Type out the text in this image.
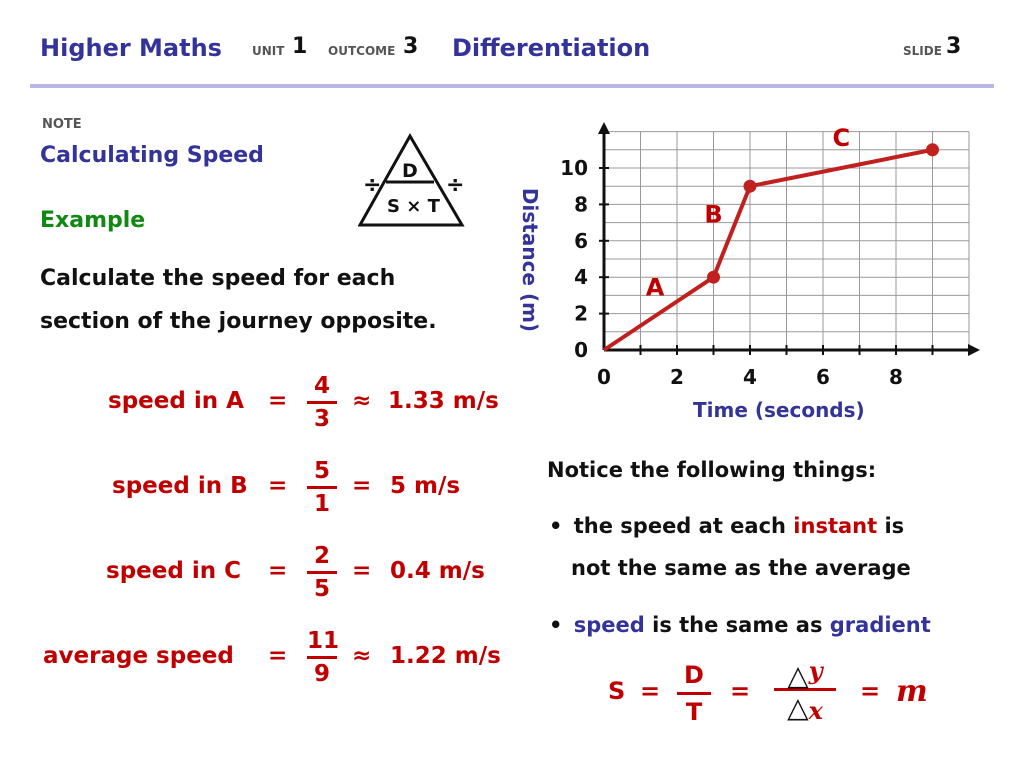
Higher Maths	UNIT 1 OUTCOME 3 Differentiation	SLIDE 3
NOTE
Calculating Speed
D
S × T
÷	÷
Example
Calculate the speed for each section of the journey opposite.
speed in A =
4
3
≈ 1.33 m/s
speed in B =
5
1
= 5 m/s
speed in C =
2
5
= 0.4 m/s
average speed =
11
9
≈ 1.22 m/s
Distance (m)
0	2	4	6	8
0
2
4
6
8
10
A
B
C
Time (seconds)
Notice the following things:
• the speed at each instant is
not the same as the average
• speed is the same as gradient
S =
D
T
=	△y
△x
= m
